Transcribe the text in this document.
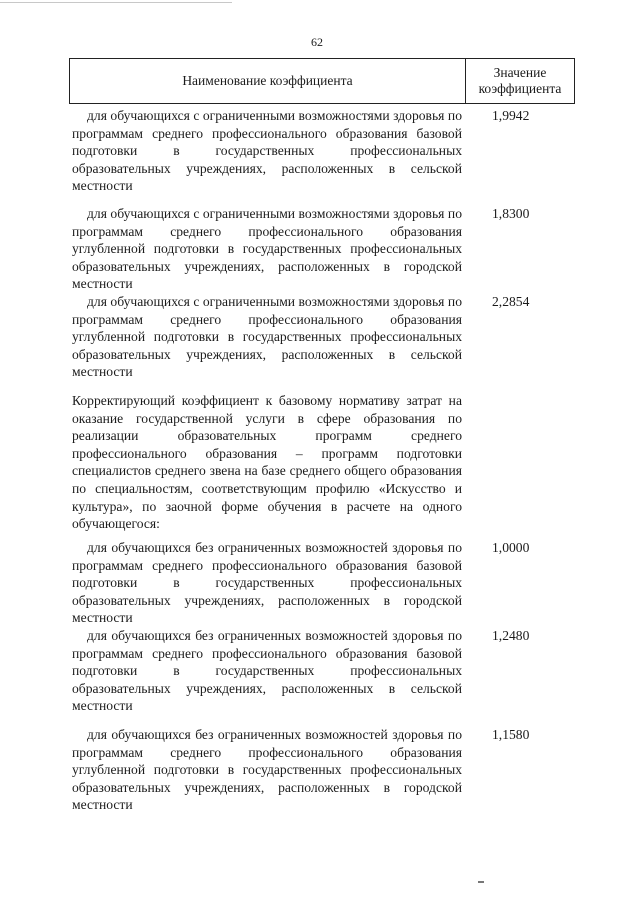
62
Наименование коэффициента
Значение коэффициента

для обучающихся с ограниченными возможностями здоровья по программам среднего профессионального образования базовой подготовки в государственных профессиональных образовательных учреждениях, расположенных в сельской местности

1,9942

для обучающихся с ограниченными возможностями здоровья по программам среднего профессионального образования углубленной подготовки в государственных профессиональных образовательных учреждениях, расположенных в городской местности

1,8300

для обучающихся с ограниченными возможностями здоровья по программам среднего профессионального образования углубленной подготовки в государственных профессиональных образовательных учреждениях, расположенных в сельской местности

2,2854

Корректирующий коэффициент к базовому нормативу затрат на оказание государственной услуги в сфере образования по реализации образовательных программ среднего профессионального образования – программ подготовки специалистов среднего звена на базе среднего общего образования по специальностям, соответствующим профилю «Искусство и культура», по заочной форме обучения в расчете на одного обучающегося:

для обучающихся без ограниченных возможностей здоровья по программам среднего профессионального образования базовой подготовки в государственных профессиональных образовательных учреждениях, расположенных в городской местности

1,0000

для обучающихся без ограниченных возможностей здоровья по программам среднего профессионального образования базовой подготовки в государственных профессиональных образовательных учреждениях, расположенных в сельской местности

1,2480

для обучающихся без ограниченных возможностей здоровья по программам среднего профессионального образования углубленной подготовки в государственных профессиональных образовательных учреждениях, расположенных в городской местности

1,1580
